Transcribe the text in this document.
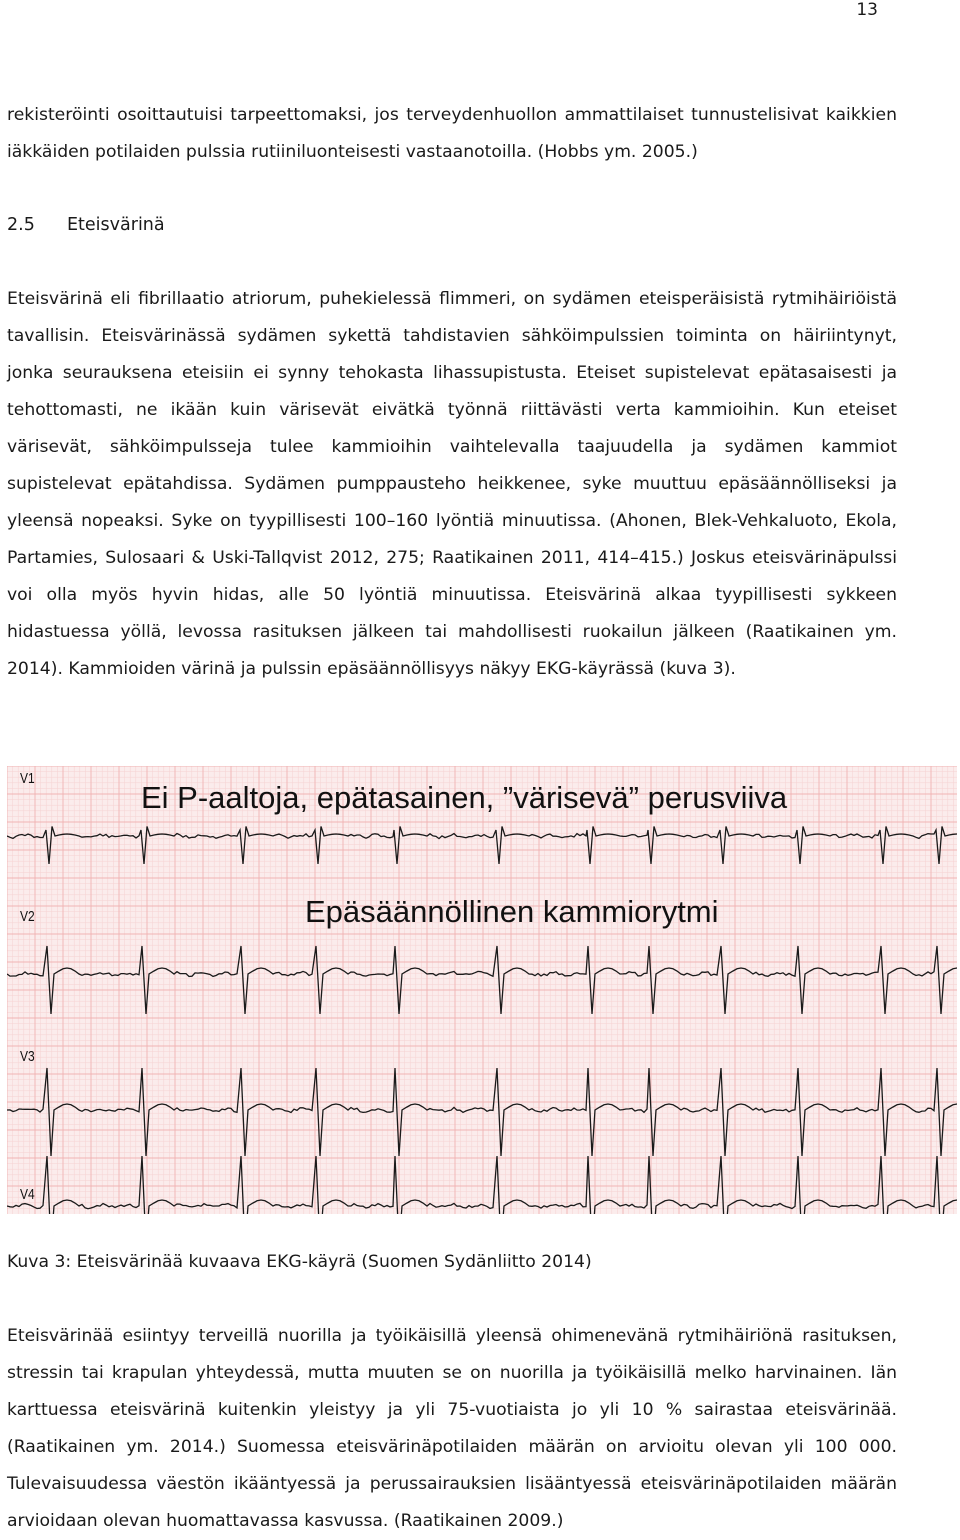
13

rekisteröinti osoittautuisi tarpeettomaksi, jos terveydenhuollon ammattilaiset tunnustelisivat kaikkien iäkkäiden potilaiden pulssia rutiiniluonteisesti vastaanotoilla. (Hobbs ym. 2005.)

2.5 Eteisvärinä

Eteisvärinä eli fibrillaatio atriorum, puhekielessä flimmeri, on sydämen eteisperäisistä rytmihäiriöistä tavallisin. Eteisvärinässä sydämen sykettä tahdistavien sähköimpulssien toiminta on häiriintynyt, jonka seurauksena eteisiin ei synny tehokasta lihassupistusta. Eteiset supistelevat epätasaisesti ja tehottomasti, ne ikään kuin värisevät eivätkä työnnä riittävästi verta kammioihin. Kun eteiset värisevät, sähköimpulsseja tulee kammioihin vaihtelevalla taajuudella ja sydämen kammiot supistelevat epätahdissa. Sydämen pumppausteho heikkenee, syke muuttuu epäsäännölliseksi ja yleensä nopeaksi. Syke on tyypillisesti 100–160 lyöntiä minuutissa. (Ahonen, Blek-Vehkaluoto, Ekola, Partamies, Sulosaari & Uski-Tallqvist 2012, 275; Raatikainen 2011, 414–415.) Joskus eteisvärinäpulssi voi olla myös hyvin hidas, alle 50 lyöntiä minuutissa. Eteisvärinä alkaa tyypillisesti sykkeen hidastuessa yöllä, levossa rasituksen jälkeen tai mahdollisesti ruokailun jälkeen (Raatikainen ym. 2014). Kammioiden värinä ja pulssin epäsäännöllisyys näkyy EKG-käyrässä (kuva 3).

V1
V2
V3
V4
Ei P-aaltoja, epätasainen, ”värisevä” perusviiva
Epäsäännöllinen kammiorytmi

Kuva 3: Eteisvärinää kuvaava EKG-käyrä (Suomen Sydänliitto 2014)

Eteisvärinää esiintyy terveillä nuorilla ja työikäisillä yleensä ohimenevänä rytmihäiriönä rasituksen, stressin tai krapulan yhteydessä, mutta muuten se on nuorilla ja työikäisillä melko harvinainen. Iän karttuessa eteisvärinä kuitenkin yleistyy ja yli 75-vuotiaista jo yli 10 % sairastaa eteisvärinää. (Raatikainen ym. 2014.) Suomessa eteisvärinäpotilaiden määrän on arvioitu olevan yli 100 000. Tulevaisuudessa väestön ikääntyessä ja perussairauksien lisääntyessä eteisvärinäpotilaiden määrän arvioidaan olevan huomattavassa kasvussa. (Raatikainen 2009.)
